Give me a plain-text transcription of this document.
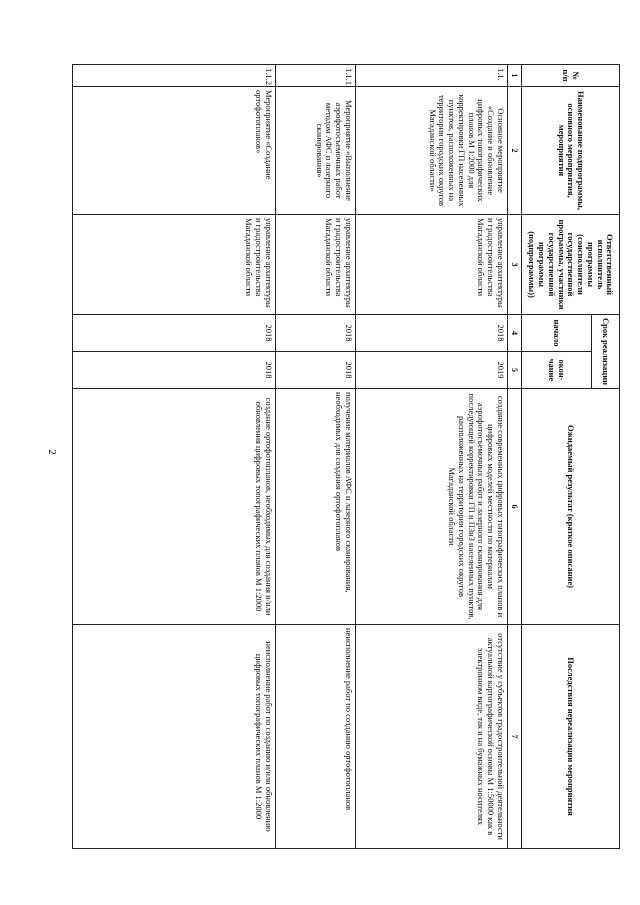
2
№ п/п	Наименование подпрограммы, основного мероприятия, мероприятия	Ответственный исполнитель программы (соисполнители государственной программы, участники государственной программы (подпрограммы))	Срок реализации		Ожидаемый результат (краткое описание)	Последствия нереализации мероприятия
			начало	окон-чание		
1	2	3	4	5	6	7
1.1.	Основное мероприятие «Создание и обновление цифровых топографических планов М 1:2000 для корректировки ГП населенных пунктов, расположенных на территории городских округов Магаданской области»	управление архитектуры и градостроительства Магаданской области	2018	2019	создание современных цифровых топографических планов и цифровых моделей местности по материалам аэрофотосъемочных работ и лазерного сканирования для последующей корректировки ГП и ПЗиЗ населенных пунктов, расположенных на территории городских округов Магаданской области	отсутствие у субъектов градостроительной деятельности актуальной картографической основы М 1:50000 как в электронном виде, так и на бумажных носителях
1.1.1.	Мероприятие «Выполнение аэрофотосъемочных работ методом АФС и лазерного сканирования»	управление архитектуры и градостроительства Магаданской области	2018	2018	получение материалов АФС и лазерного сканирования, необходимых для создания ортофотопланов	неисполнение работ по созданию ортофотопланов
1.1.2.	Мероприятие «Создание ортофотопланов»	управление архитектуры и градостроительства Магаданской области	2018	2018	создание ортофотопланов, необходимых для создания и/или обновления цифровых топографических планов М 1:2000	неисполнение работ по созданию и/или обновлению цифровых топографических планов М 1:2000
